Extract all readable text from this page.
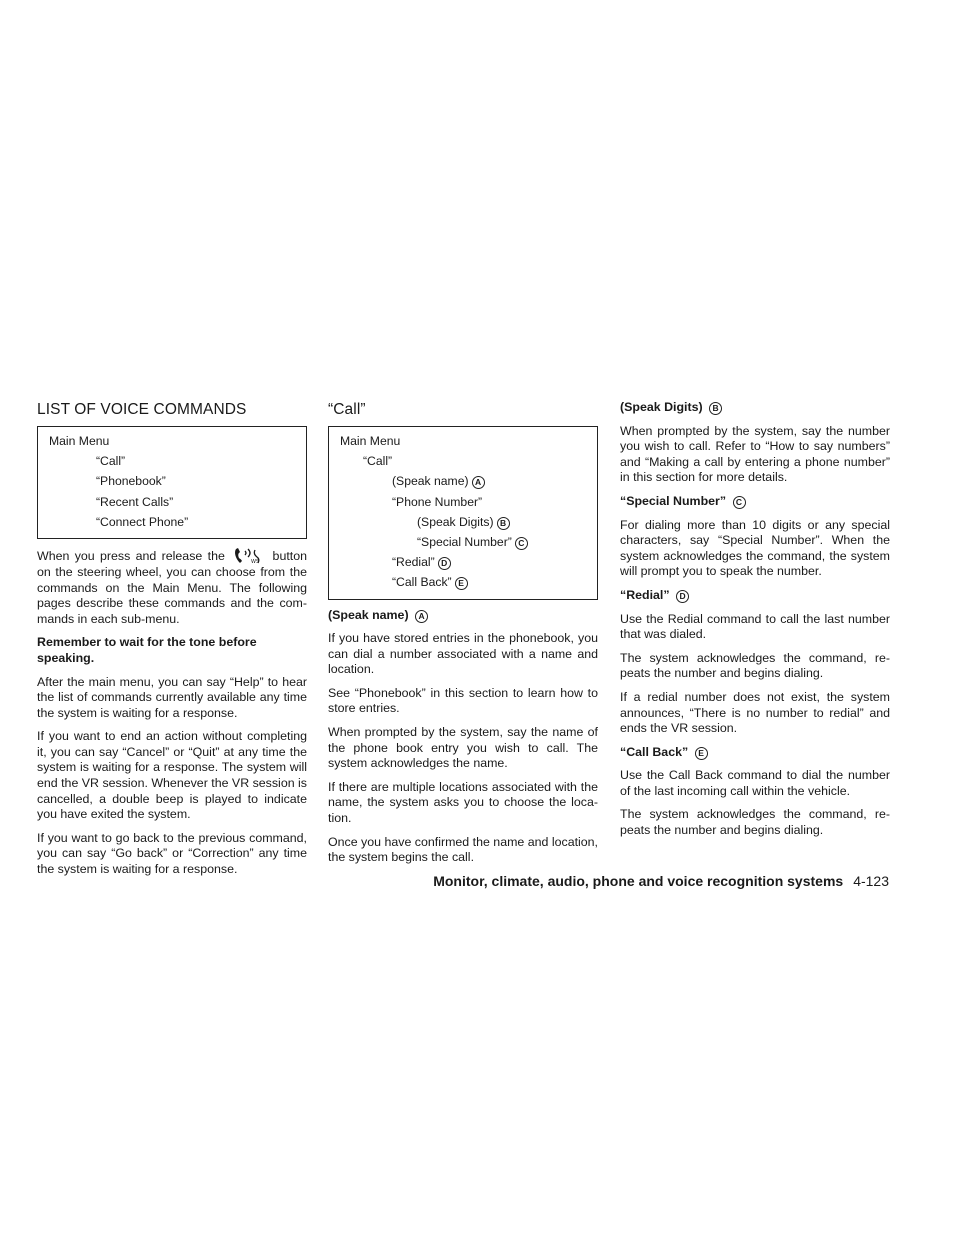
LIST OF VOICE COMMANDS
Main Menu
“Call”
“Phonebook”
“Recent Calls”
“Connect Phone”

When you press and release the	WS button on the steering wheel, you can choose from the commands on the Main Menu. The following pages describe these commands and the com-mands in each sub-menu.

Remember to wait for the tone before speaking.

After the main menu, you can say “Help” to hear the list of commands currently available any time the system is waiting for a response.

If you want to end an action without completing it, you can say “Cancel” or “Quit” at any time the system is waiting for a response. The system will end the VR session. Whenever the VR session is cancelled, a double beep is played to indicate you have exited the system.

If you want to go back to the previous command, you can say “Go back” or “Correction” any time the system is waiting for a response.

“Call”
Main Menu
“Call”
(Speak name) A
“Phone Number”
(Speak Digits) B
“Special Number” C
“Redial” D
“Call Back” E

(Speak name) A

If you have stored entries in the phonebook, you can dial a number associated with a name and location.

See “Phonebook” in this section to learn how to store entries.

When prompted by the system, say the name of the phone book entry you wish to call. The system acknowledges the name.

If there are multiple locations associated with the name, the system asks you to choose the loca-tion.

Once you have confirmed the name and location, the system begins the call.

(Speak Digits) B

When prompted by the system, say the number you wish to call. Refer to “How to say numbers” and “Making a call by entering a phone number” in this section for more details.

“Special Number” C

For dialing more than 10 digits or any special characters, say “Special Number”. When the system acknowledges the command, the system will prompt you to speak the number.

“Redial” D

Use the Redial command to call the last number that was dialed.

The system acknowledges the command, re-peats the number and begins dialing.

If a redial number does not exist, the system announces, “There is no number to redial” and ends the VR session.

“Call Back” E

Use the Call Back command to dial the number of the last incoming call within the vehicle.

The system acknowledges the command, re-peats the number and begins dialing.

Monitor, climate, audio, phone and voice recognition systems 4-123
